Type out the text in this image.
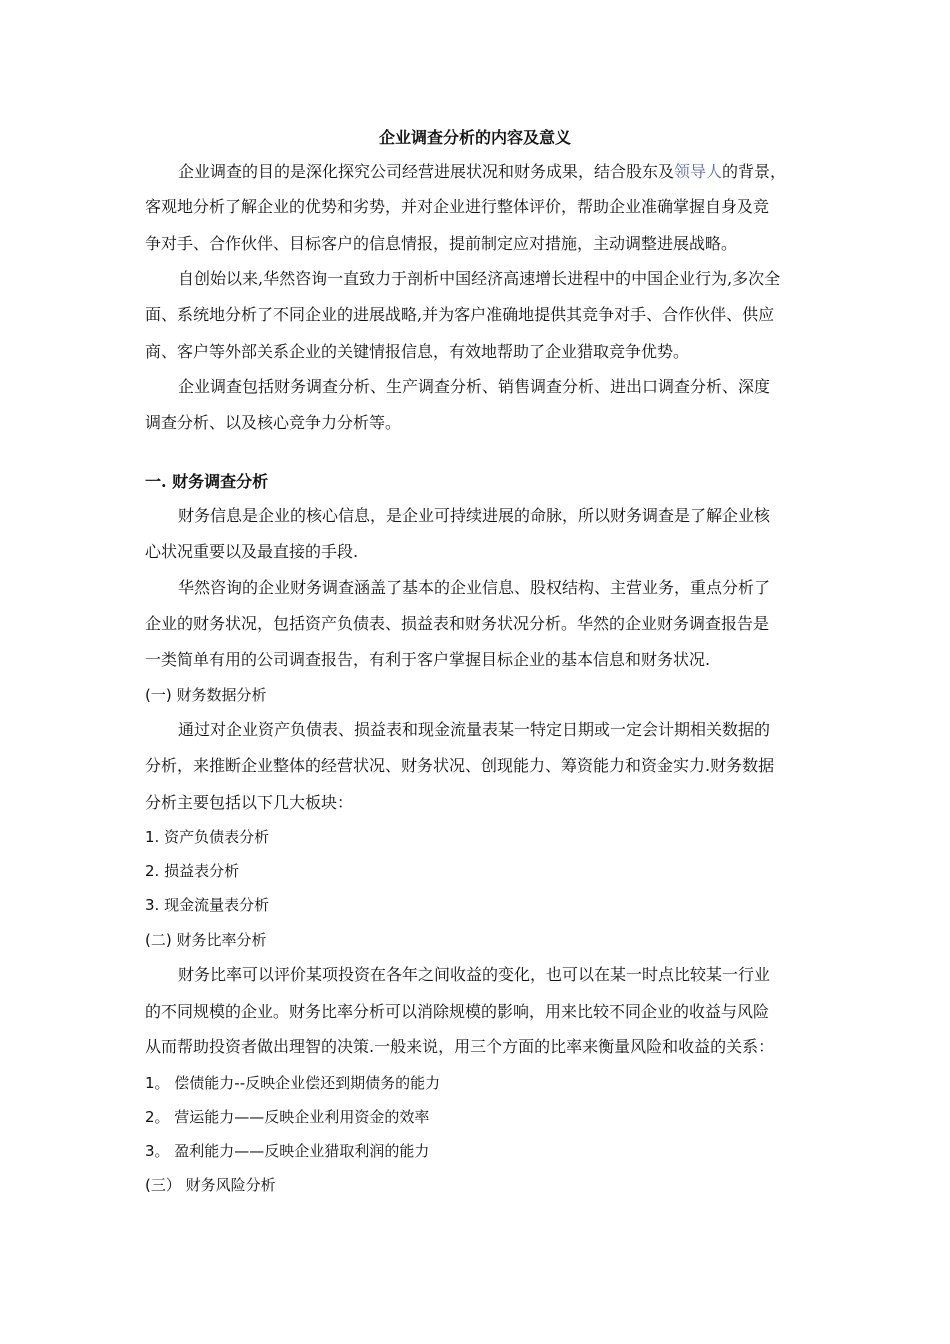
企业调查分析的内容及意义
企业调查的目的是深化探究公司经营进展状况和财务成果，结合股东及领导人的背景，
客观地分析了解企业的优势和劣势，并对企业进行整体评价，帮助企业准确掌握自身及竞
争对手、合作伙伴、目标客户的信息情报，提前制定应对措施，主动调整进展战略。
自创始以来,华然咨询一直致力于剖析中国经济高速增长进程中的中国企业行为,多次全
面、系统地分析了不同企业的进展战略,并为客户准确地提供其竞争对手、合作伙伴、供应
商、客户等外部关系企业的关键情报信息，有效地帮助了企业猎取竞争优势。
企业调查包括财务调查分析、生产调查分析、销售调查分析、进出口调查分析、深度
调查分析、以及核心竞争力分析等。
一. 财务调查分析
财务信息是企业的核心信息，是企业可持续进展的命脉，所以财务调查是了解企业核
心状况重要以及最直接的手段.
华然咨询的企业财务调查涵盖了基本的企业信息、股权结构、主营业务，重点分析了
企业的财务状况，包括资产负债表、损益表和财务状况分析。华然的企业财务调查报告是
一类简单有用的公司调查报告，有利于客户掌握目标企业的基本信息和财务状况.
(一) 财务数据分析
通过对企业资产负债表、损益表和现金流量表某一特定日期或一定会计期相关数据的
分析，来推断企业整体的经营状况、财务状况、创现能力、筹资能力和资金实力.财务数据
分析主要包括以下几大板块：
1. 资产负债表分析
2. 损益表分析
3. 现金流量表分析
(二) 财务比率分析
财务比率可以评价某项投资在各年之间收益的变化，也可以在某一时点比较某一行业
的不同规模的企业。财务比率分析可以消除规模的影响，用来比较不同企业的收益与风险
从而帮助投资者做出理智的决策.一般来说，用三个方面的比率来衡量风险和收益的关系：
1。 偿债能力--反映企业偿还到期债务的能力
2。 营运能力——反映企业利用资金的效率
3。 盈利能力——反映企业猎取利润的能力
(三） 财务风险分析
